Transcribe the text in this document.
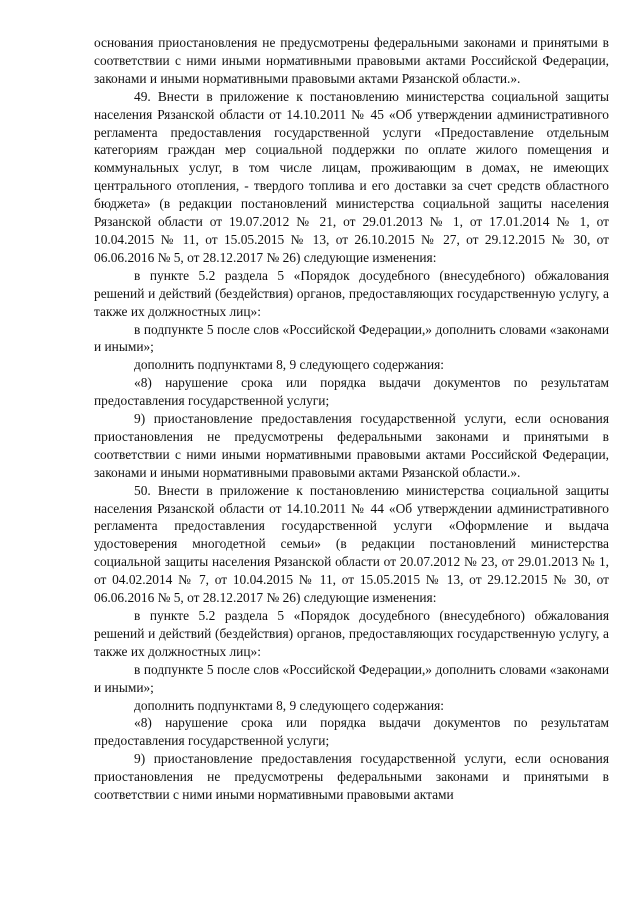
основания приостановления не предусмотрены федеральными законами и принятыми в соответствии с ними иными нормативными правовыми актами Российской Федерации, законами и иными нормативными правовыми актами Рязанской области.».

49. Внести в приложение к постановлению министерства социальной защиты населения Рязанской области от 14.10.2011 № 45 «Об утверждении административного регламента предоставления государственной услуги «Предоставление отдельным категориям граждан мер социальной поддержки по оплате жилого помещения и коммунальных услуг, в том числе лицам, проживающим в домах, не имеющих центрального отопления, - твердого топлива и его доставки за счет средств областного бюджета» (в редакции постановлений министерства социальной защиты населения Рязанской области от 19.07.2012 № 21, от 29.01.2013 № 1, от 17.01.2014 № 1, от 10.04.2015 № 11, от 15.05.2015 № 13, от 26.10.2015 № 27, от 29.12.2015 № 30, от 06.06.2016 № 5, от 28.12.2017 № 26) следующие изменения:

в пункте 5.2 раздела 5 «Порядок досудебного (внесудебного) обжалования решений и действий (бездействия) органов, предоставляющих государственную услугу, а также их должностных лиц»:

в подпункте 5 после слов «Российской Федерации,» дополнить словами «законами и иными»;

дополнить подпунктами 8, 9 следующего содержания:

«8) нарушение срока или порядка выдачи документов по результатам предоставления государственной услуги;

9) приостановление предоставления государственной услуги, если основания приостановления не предусмотрены федеральными законами и принятыми в соответствии с ними иными нормативными правовыми актами Российской Федерации, законами и иными нормативными правовыми актами Рязанской области.».

50. Внести в приложение к постановлению министерства социальной защиты населения Рязанской области от 14.10.2011 № 44 «Об утверждении административного регламента предоставления государственной услуги «Оформление и выдача удостоверения многодетной семьи» (в редакции постановлений министерства социальной защиты населения Рязанской области от 20.07.2012 № 23, от 29.01.2013 № 1, от 04.02.2014 № 7, от 10.04.2015 № 11, от 15.05.2015 № 13, от 29.12.2015 № 30, от 06.06.2016 № 5, от 28.12.2017 № 26) следующие изменения:

в пункте 5.2 раздела 5 «Порядок досудебного (внесудебного) обжалования решений и действий (бездействия) органов, предоставляющих государственную услугу, а также их должностных лиц»:

в подпункте 5 после слов «Российской Федерации,» дополнить словами «законами и иными»;

дополнить подпунктами 8, 9 следующего содержания:

«8) нарушение срока или порядка выдачи документов по результатам предоставления государственной услуги;

9) приостановление предоставления государственной услуги, если основания приостановления не предусмотрены федеральными законами и принятыми в соответствии с ними иными нормативными правовыми актами
